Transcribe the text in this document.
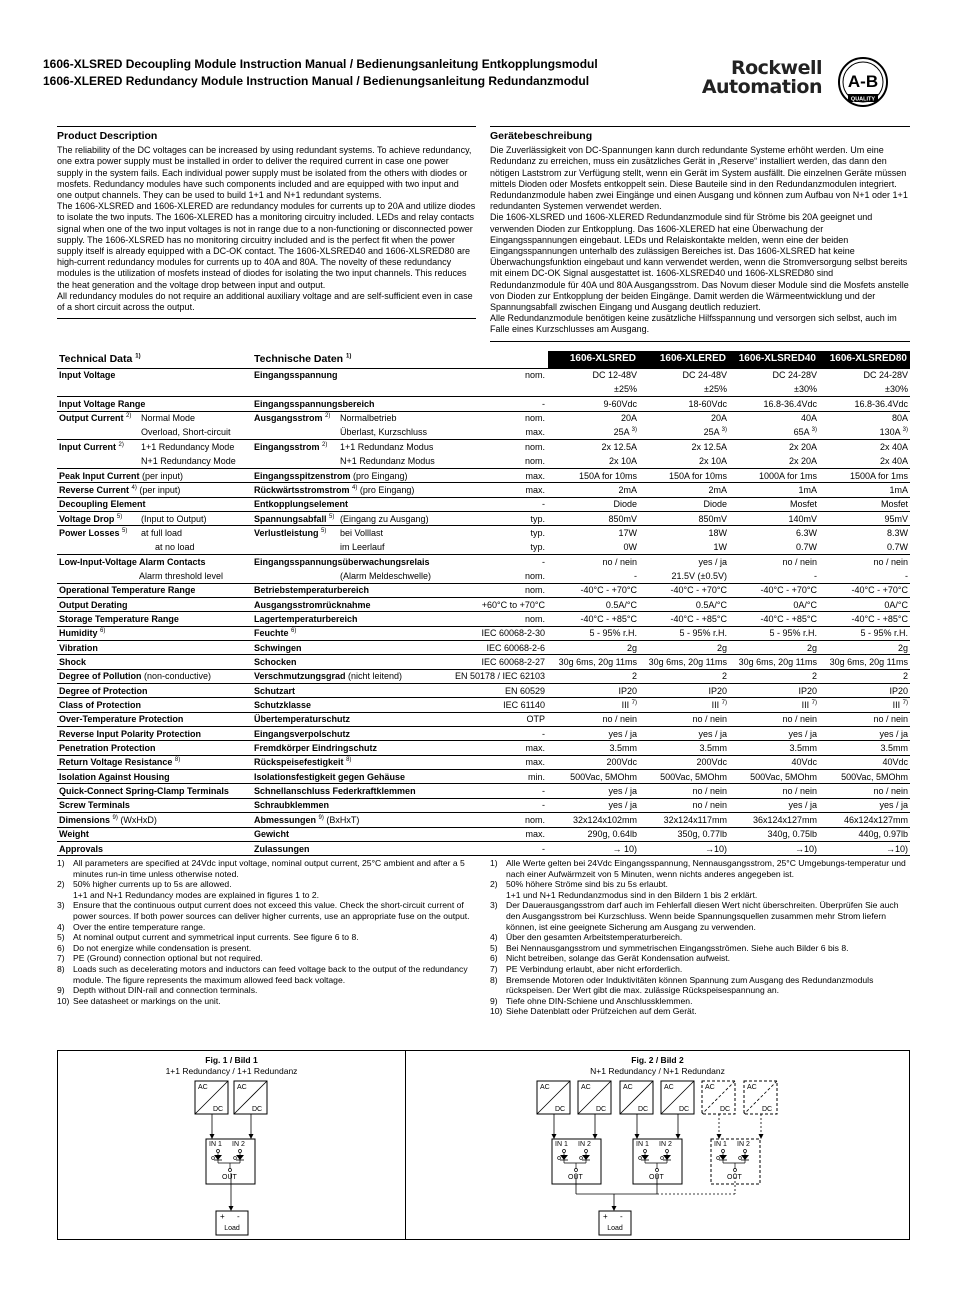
1606-XLSRED Decoupling Module Instruction Manual / Bedienungsanleitung Entkopplungsmodul
1606-XLERED Redundancy Module Instruction Manual / Bedienungsanleitung Redundanzmodul
Rockwell
Automation A-B
QUALITY
Product Description

The reliability of the DC voltages can be increased by using redundant systems. To achieve redundancy, one extra power supply must be installed in order to deliver the required current in case one power supply in the system fails. Each individual power supply must be isolated from the others with diodes or mosfets. Redundancy modules have such components included and are equipped with two input and one output channels. They can be used to build 1+1 and N+1 redundant systems.

The 1606-XLSRED and 1606-XLERED are redundancy modules for currents up to 20A and utilize diodes to isolate the two inputs. The 1606-XLERED has a monitoring circuitry included. LEDs and relay contacts signal when one of the two input voltages is not in range due to a non-functioning or disconnected power supply. The 1606-XLSRED has no monitoring circuitry included and is the perfect fit when the power supply itself is already equipped with a DC-OK contact. The 1606-XLSRED40 and 1606-XLSRED80 are high-current redundancy modules for currents up to 40A and 80A. The novelty of these redundancy modules is the utilization of mosfets instead of diodes for isolating the two input channels. This reduces the heat generation and the voltage drop between input and output.

All redundancy modules do not require an additional auxiliary voltage and are self-sufficient even in case of a short circuit across the output.

Gerätebeschreibung

Die Zuverlässigkeit von DC-Spannungen kann durch redundante Systeme erhöht werden. Um eine Redundanz zu erreichen, muss ein zusätzliches Gerät in „Reserve“ installiert werden, das dann den nötigen Laststrom zur Verfügung stellt, wenn ein Gerät im System ausfällt. Die einzelnen Geräte müssen mittels Dioden oder Mosfets entkoppelt sein. Diese Bauteile sind in den Redundanzmodulen integriert. Redundanzmodule haben zwei Eingänge und einen Ausgang und können zum Aufbau von N+1 oder 1+1 redundanten Systemen verwendet werden.

Die 1606-XLSRED und 1606-XLERED Redundanzmodule sind für Ströme bis 20A geeignet und verwenden Dioden zur Entkopplung. Das 1606-XLERED hat eine Überwachung der Eingangsspannungen eingebaut. LEDs und Relaiskontakte melden, wenn eine der beiden Eingangsspannungen unterhalb des zulässigen Bereiches ist. Das 1606-XLSRED hat keine Überwachungsfunktion eingebaut und kann verwendet werden, wenn die Stromversorgung selbst bereits mit einem DC-OK Signal ausgestattet ist. 1606-XLSRED40 und 1606-XLSRED80 sind Redundanzmodule für 40A und 80A Ausgangsstrom. Das Novum dieser Module sind die Mosfets anstelle von Dioden zur Entkopplung der beiden Eingänge. Damit werden die Wärmeentwicklung und der Spannungsabfall zwischen Eingang und Ausgang deutlich reduziert.

Alle Redundanzmodule benötigen keine zusätzliche Hilfsspannung und versorgen sich selbst, auch im Falle eines Kurzschlusses am Ausgang.

Technical Data $^{1)}$		Technische Daten $^{1)}$			1606-XLSRED	1606-XLERED	1606-XLSRED40	1606-XLSRED80
Input Voltage		Eingangsspannung		nom.	DC 12-48V	DC 24-48V	DC 24-28V	DC 24-28V
					±25%	±25%	±30%	±30%
Input Voltage Range		Eingangsspannungsbereich		-	9-60Vdc	18-60Vdc	16.8-36.4Vdc	16.8-36.4Vdc
Output Current $^{2)}$	Normal Mode	Ausgangsstrom $^{2)}$	Normalbetrieb	nom.	20A	20A	40A	80A
	Overload, Short-circuit		Überlast, Kurzschluss	max.	25A $^{3)}$	25A $^{3)}$	65A $^{3)}$	130A $^{3)}$
Input Current $^{2)}$	1+1 Redundancy Mode	Eingangsstrom $^{2)}$	1+1 Redundanz Modus	nom.	2x 12.5A	2x 12.5A	2x 20A	2x 40A
	N+1 Redundancy Mode		N+1 Redundanz Modus	nom.	2x 10A	2x 10A	2x 20A	2x 40A
Peak Input Current (per input)		Eingangsspitzenstrom (pro Eingang)		max.	150A for 10ms	150A for 10ms	1000A for 1ms	1500A for 1ms
Reverse Current $^{4)}$ (per input)		Rückwärtsstromstrom $^{4)}$ (pro Eingang)		max.	2mA	2mA	1mA	1mA
Decoupling Element		Entkopplungselement		-	Diode	Diode	Mosfet	Mosfet
Voltage Drop $^{5)}$	(Input to Output)	Spannungsabfall $^{5)}$	(Eingang zu Ausgang)	typ.	850mV	850mV	140mV	95mV
Power Losses $^{5)}$	at full load	Verlustleistung $^{5)}$	bei Volllast	typ.	17W	18W	6.3W	8.3W
	at no load		im Leerlauf	typ.	0W	1W	0.7W	0.7W
Low-Input-Voltage Alarm Contacts		Eingangsspannungsüberwachungsrelais		-	no / nein	yes / ja	no / nein	no / nein
	Alarm threshold level		(Alarm Meldeschwelle)	nom.	-	21.5V (±0.5V)	-	-
Operational Temperature Range		Betriebstemperaturbereich		nom.	-40°C - +70°C	-40°C - +70°C	-40°C - +70°C	-40°C - +70°C
Output Derating		Ausgangsstromrücknahme		+60°C to +70°C	0.5A/°C	0.5A/°C	0A/°C	0A/°C
Storage Temperature Range		Lagertemperaturbereich		nom.	-40°C - +85°C	-40°C - +85°C	-40°C - +85°C	-40°C - +85°C
Humidity $^{6)}$		Feuchte $^{6)}$		IEC 60068-2-30	5 - 95% r.H.	5 - 95% r.H.	5 - 95% r.H.	5 - 95% r.H.
Vibration		Schwingen		IEC 60068-2-6	2g	2g	2g	2g
Shock		Schocken		IEC 60068-2-27	30g 6ms, 20g 11ms	30g 6ms, 20g 11ms	30g 6ms, 20g 11ms	30g 6ms, 20g 11ms
Degree of Pollution (non-conductive)		Verschmutzungsgrad (nicht leitend)		EN 50178 / IEC 62103	2	2	2	2
Degree of Protection		Schutzart		EN 60529	IP20	IP20	IP20	IP20
Class of Protection		Schutzklasse		IEC 61140	III $^{7)}$	III $^{7)}$	III $^{7)}$	III $^{7)}$
Over-Temperature Protection		Übertemperaturschutz		OTP	no / nein	no / nein	no / nein	no / nein
Reverse Input Polarity Protection		Eingangsverpolschutz		-	yes / ja	yes / ja	yes / ja	yes / ja
Penetration Protection		Fremdkörper Eindringschutz		max.	3.5mm	3.5mm	3.5mm	3.5mm
Return Voltage Resistance $^{8)}$		Rückspeisefestigkeit $^{8)}$		max.	200Vdc	200Vdc	40Vdc	40Vdc
Isolation Against Housing		Isolationsfestigkeit gegen Gehäuse		min.	500Vac, 5MOhm	500Vac, 5MOhm	500Vac, 5MOhm	500Vac, 5MOhm
Quick-Connect Spring-Clamp Terminals		Schnellanschluss Federkraftklemmen		-	yes / ja	no / nein	no / nein	no / nein
Screw Terminals		Schraubklemmen		-	yes / ja	no / nein	yes / ja	yes / ja
Dimensions $^{9)}$ (WxHxD)		Abmessungen $^{9)}$ (BxHxT)		nom.	32x124x102mm	32x124x117mm	36x124x127mm	46x124x127mm
Weight		Gewicht		max.	290g, 0.64lb	350g, 0.77lb	340g, 0.75lb	440g, 0.97lb
Approvals		Zulassungen		-	→ 10)	→10)	→10)	→10)
1) All parameters are specified at 24Vdc input voltage, nominal output current, 25°C ambient and after a 5 minutes run-in time unless otherwise noted.
2) 50% higher currents up to 5s are allowed.
1+1 and N+1 Redundancy modes are explained in figures 1 to 2.
3) Ensure that the continuous output current does not exceed this value. Check the short-circuit current of power sources. If both power sources can deliver higher currents, use an appropriate fuse on the output.
4) Over the entire temperature range.
5) At nominal output current and symmetrical input currents. See figure 6 to 8.
6) Do not energize while condensation is present.
7) PE (Ground) connection optional but not required.
8) Loads such as decelerating motors and inductors can feed voltage back to the output of the redundancy module. The figure represents the maximum allowed feed back voltage.
9) Depth without DIN-rail and connection terminals.
10) See datasheet or markings on the unit.
1) Alle Werte gelten bei 24Vdc Eingangsspannung, Nennausgangsstrom, 25°C Umgebungs-temperatur und nach einer Aufwärmzeit von 5 Minuten, wenn nichts anderes angegeben ist.
2) 50% höhere Ströme sind bis zu 5s erlaubt.
1+1 und N+1 Redundanzmodus sind in den Bildern 1 bis 2 erklärt.
3) Der Dauerausgangsstrom darf auch im Fehlerfall diesen Wert nicht überschreiten. Überprüfen Sie auch den Ausgangsstrom bei Kurzschluss. Wenn beide Spannungsquellen zusammen mehr Strom liefern können, ist eine geeignete Sicherung am Ausgang zu verwenden.
4) Über den gesamten Arbeitstemperaturbereich.
5) Bei Nennausgangsstrom und symmetrischen Eingangsströmen. Siehe auch Bilder 6 bis 8.
6) Nicht betreiben, solange das Gerät Kondensation aufweist.
7) PE Verbindung erlaubt, aber nicht erforderlich.
8) Bremsende Motoren oder Induktivitäten können Spannung zum Ausgang des Redundanzmoduls rückspeisen. Der Wert gibt die max. zulässige Rückspeisespannung an.
9) Tiefe ohne DIN-Schiene und Anschlussklemmen.
10) Siehe Datenblatt oder Prüfzeichen auf dem Gerät.
Fig. 1 / Bild 1
1+1 Redundancy / 1+1 Redundanz
Fig. 2 / Bild 2
N+1 Redundancy / N+1 Redundanz
AC
DC
AC
DC
IN 1 IN 2
OUT
+ -
Load
AC
DC
AC
DC
AC
DC
AC
DC
AC
DC
AC
DC
IN 1 IN 2
OUT
IN 1 IN 2
OUT
IN 1 IN 2
OUT
+ -
Load
